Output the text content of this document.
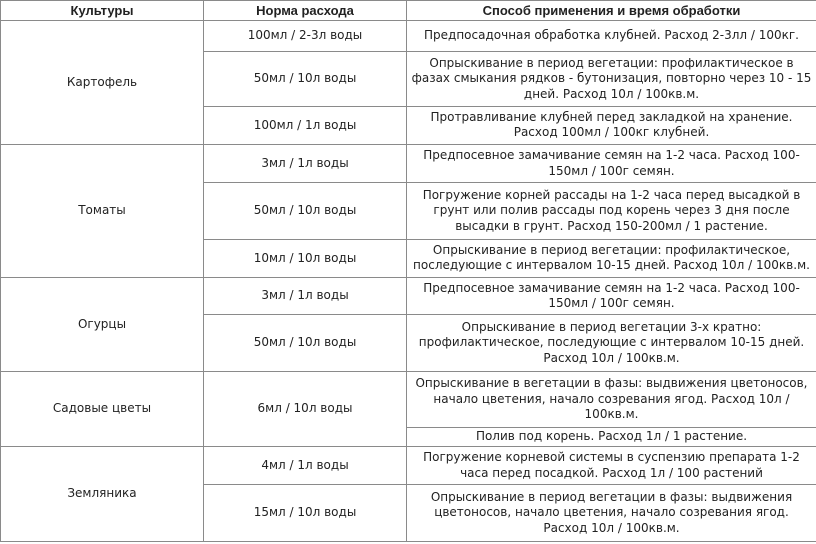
Культуры	Норма расхода	Способ применения и время обработки
Картофель	100мл / 2-3л воды	Предпосадочная обработка клубней. Расход 2-3лл / 100кг.
	50мл / 10л воды	Опрыскивание в период вегетации: профилактическое в фазах смыкания рядков - бутонизация, повторно через 10 - 15 дней. Расход 10л / 100кв.м.
	100мл / 1л воды	Протравливание клубней перед закладкой на хранение. Расход 100мл / 100кг клубней.
Томаты	3мл / 1л воды	Предпосевное замачивание семян на 1-2 часа. Расход 100-150мл / 100г семян.
	50мл / 10л воды	Погружение корней рассады на 1-2 часа перед высадкой в грунт или полив рассады под корень через 3 дня после высадки в грунт. Расход 150-200мл / 1 растение.
	10мл / 10л воды	Опрыскивание в период вегетации: профилактическое, последующие с интервалом 10-15 дней. Расход 10л / 100кв.м.
Огурцы	3мл / 1л воды	Предпосевное замачивание семян на 1-2 часа. Расход 100-150мл / 100г семян.
	50мл / 10л воды	Опрыскивание в период вегетации 3-х кратно: профилактическое, последующие с интервалом 10-15 дней. Расход 10л / 100кв.м.
Садовые цветы	6мл / 10л воды	Опрыскивание в вегетации в фазы: выдвижения цветоносов, начало цветения, начало созревания ягод. Расход 10л / 100кв.м.
		Полив под корень. Расход 1л / 1 растение.
Земляника	4мл / 1л воды	Погружение корневой системы в суспензию препарата 1-2 часа перед посадкой. Расход 1л / 100 растений
	15мл / 10л воды	Опрыскивание в период вегетации в фазы: выдвижения цветоносов, начало цветения, начало созревания ягод. Расход 10л / 100кв.м.
